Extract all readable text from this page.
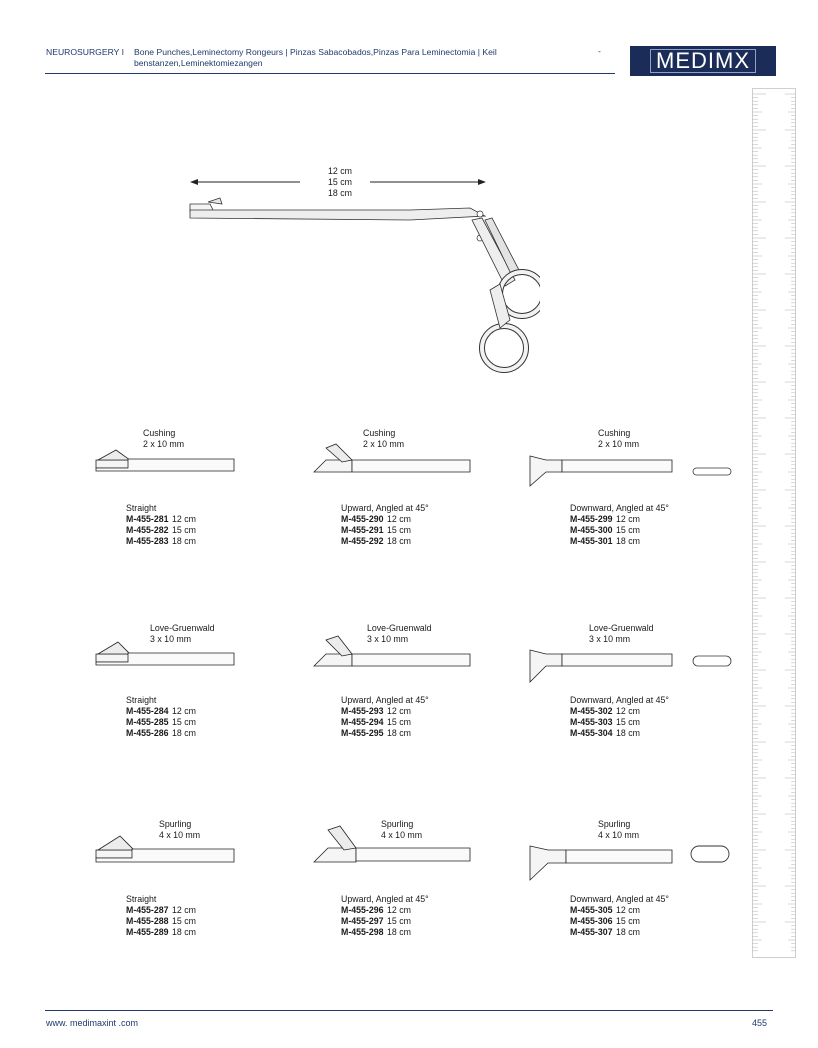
NEUROSURGERY I Bone Punches,Leminectomy Rongeurs | Pinzas Sabacobados,Pinzas Para Leminectomia | Keil benstanzen,Leminektomiezangen
-	MEDIMX
12 cm
15 cm
18 cm
Cushing
2 x 10 mm
Cushing
2 x 10 mm
Cushing
2 x 10 mm
Straight
M-455-281 12 cm
M-455-282 15 cm
M-455-283 18 cm
Upward, Angled at 45°
M-455-290 12 cm
M-455-291 15 cm
M-455-292 18 cm
Downward, Angled at 45°
M-455-299 12 cm
M-455-300 15 cm
M-455-301 18 cm
Love-Gruenwald
3 x 10 mm
Love-Gruenwald
3 x 10 mm
Love-Gruenwald
3 x 10 mm
Straight
M-455-284 12 cm
M-455-285 15 cm
M-455-286 18 cm
Upward, Angled at 45°
M-455-293 12 cm
M-455-294 15 cm
M-455-295 18 cm
Downward, Angled at 45°
M-455-302 12 cm
M-455-303 15 cm
M-455-304 18 cm
Spurling
4 x 10 mm
Spurling
4 x 10 mm
Spurling
4 x 10 mm
Straight
M-455-287 12 cm
M-455-288 15 cm
M-455-289 18 cm
Upward, Angled at 45°
M-455-296 12 cm
M-455-297 15 cm
M-455-298 18 cm
Downward, Angled at 45°
M-455-305 12 cm
M-455-306 15 cm
M-455-307 18 cm
www. medimaxint .com	455
